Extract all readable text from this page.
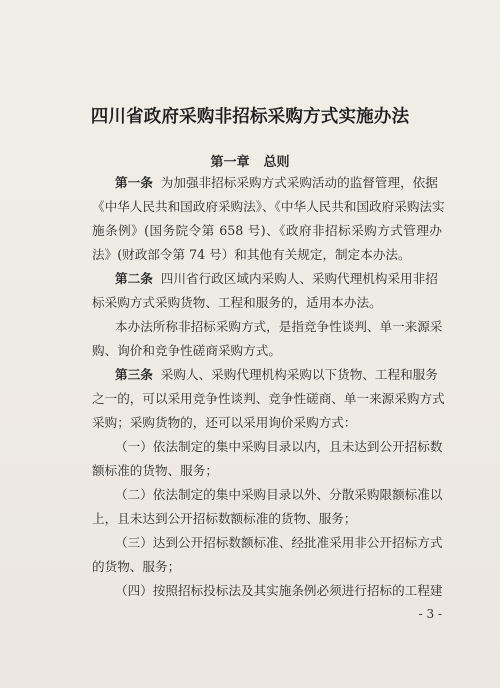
四川省政府采购非招标采购方式实施办法
第一章 总则
第一条 为加强非招标采购方式采购活动的监督管理，依据
《中华人民共和国政府采购法》、《中华人民共和国政府采购法实
施条例》(国务院令第 658 号)、《政府非招标采购方式管理办
法》(财政部令第 74 号）和其他有关规定，制定本办法。
第二条 四川省行政区域内采购人、采购代理机构采用非招
标采购方式采购货物、工程和服务的，适用本办法。
本办法所称非招标采购方式，是指竞争性谈判、单一来源采
购、询价和竞争性磋商采购方式。
第三条 采购人、采购代理机构采购以下货物、工程和服务
之一的，可以采用竞争性谈判、竞争性磋商、单一来源采购方式
采购；采购货物的，还可以采用询价采购方式：
（一）依法制定的集中采购目录以内，且未达到公开招标数
额标准的货物、服务；
（二）依法制定的集中采购目录以外、分散采购限额标准以
上，且未达到公开招标数额标准的货物、服务；
（三）达到公开招标数额标准、经批准采用非公开招标方式
的货物、服务；
（四）按照招标投标法及其实施条例必须进行招标的工程建
- 3 -
